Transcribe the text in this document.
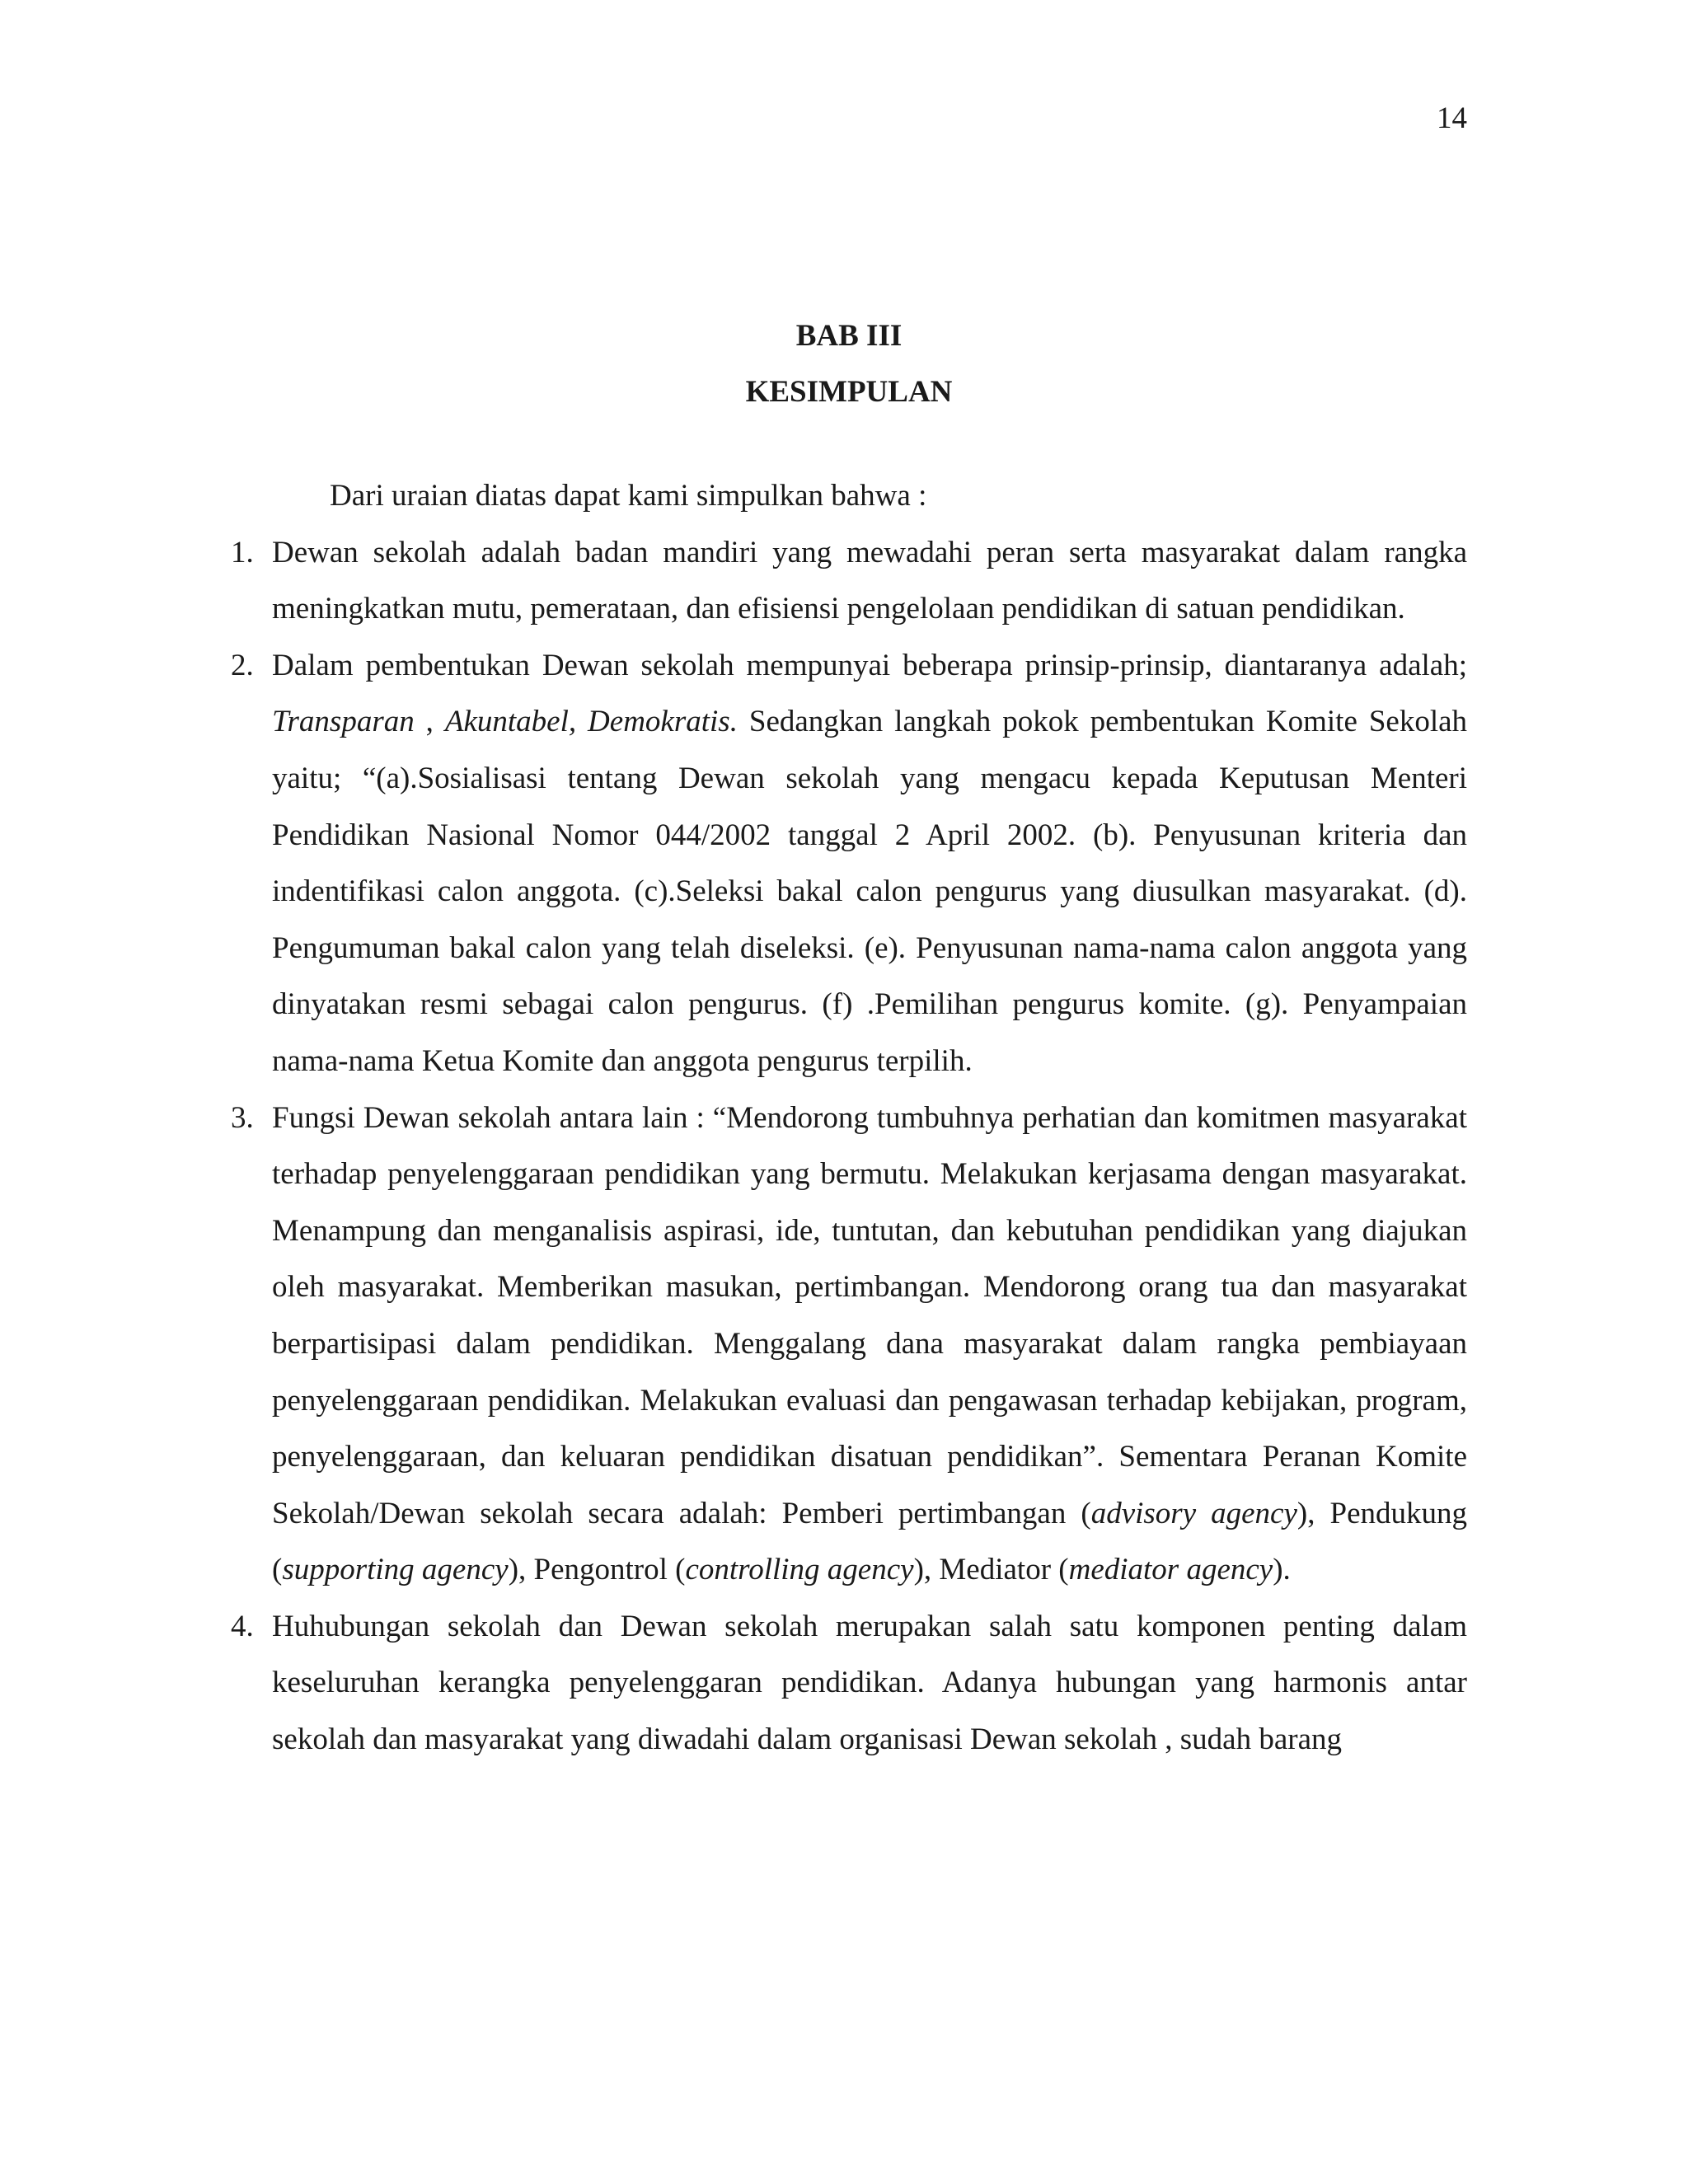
14
BAB III
KESIMPULAN

Dari uraian diatas dapat kami simpulkan bahwa :

1. Dewan sekolah adalah badan mandiri yang mewadahi peran serta masyarakat dalam rangka meningkatkan mutu, pemerataan, dan efisiensi pengelolaan pendidikan di satuan pendidikan.
2. Dalam pembentukan Dewan sekolah mempunyai beberapa prinsip-prinsip, diantaranya adalah; Transparan , Akuntabel, Demokratis. Sedangkan langkah pokok pembentukan Komite Sekolah yaitu; “(a).Sosialisasi tentang Dewan sekolah yang mengacu kepada Keputusan Menteri Pendidikan Nasional Nomor 044/2002 tanggal 2 April 2002. (b). Penyusunan kriteria dan indentifikasi calon anggota. (c).Seleksi bakal calon pengurus yang diusulkan masyarakat. (d). Pengumuman bakal calon yang telah diseleksi. (e). Penyusunan nama-nama calon anggota yang dinyatakan resmi sebagai calon pengurus. (f) .Pemilihan pengurus komite. (g). Penyampaian nama-nama Ketua Komite dan anggota pengurus terpilih.
3. Fungsi Dewan sekolah antara lain : “Mendorong tumbuhnya perhatian dan komitmen masyarakat terhadap penyelenggaraan pendidikan yang bermutu. Melakukan kerjasama dengan masyarakat. Menampung dan menganalisis aspirasi, ide, tuntutan, dan kebutuhan pendidikan yang diajukan oleh masyarakat. Memberikan masukan, pertimbangan. Mendorong orang tua dan masyarakat berpartisipasi dalam pendidikan. Menggalang dana masyarakat dalam rangka pembiayaan penyelenggaraan pendidikan. Melakukan evaluasi dan pengawasan terhadap kebijakan, program, penyelenggaraan, dan keluaran pendidikan disatuan pendidikan”. Sementara Peranan Komite Sekolah/Dewan sekolah secara adalah: Pemberi pertimbangan (advisory agency), Pendukung (supporting agency), Pengontrol (controlling agency), Mediator (mediator agency).
4. Huhubungan sekolah dan Dewan sekolah merupakan salah satu komponen penting dalam keseluruhan kerangka penyelenggaran pendidikan. Adanya hubungan yang harmonis antar sekolah dan masyarakat yang diwadahi dalam organisasi Dewan sekolah , sudah barang
